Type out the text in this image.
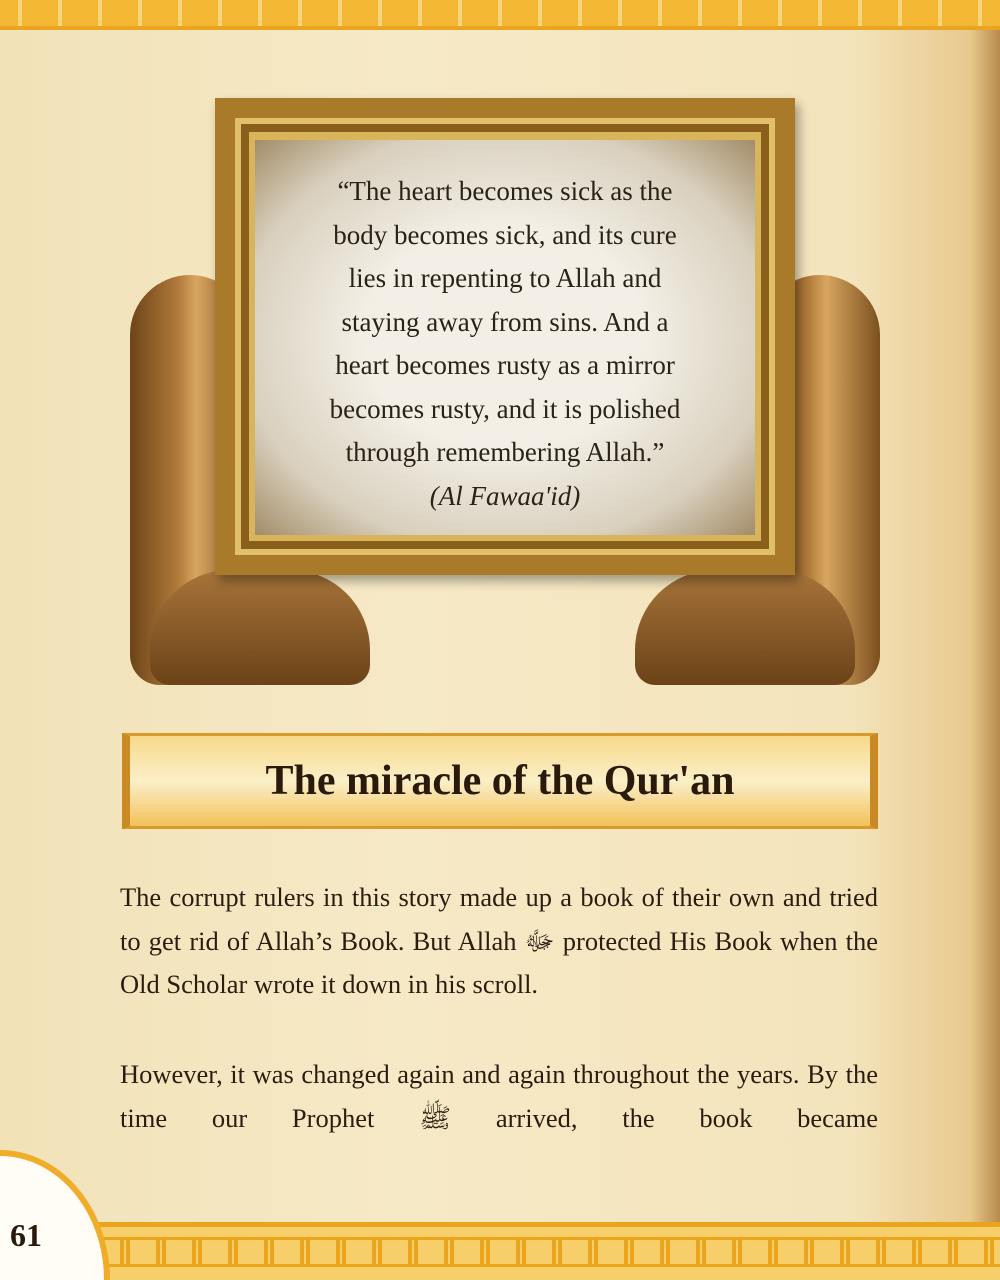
“The heart becomes sick as the
body becomes sick, and its cure
lies in repenting to Allah and
staying away from sins. And a
heart becomes rusty as a mirror
becomes rusty, and it is polished
through remembering Allah.”
(Al Fawaa'id)
The miracle of the Qur'an
The corrupt rulers in this story made up a book of their own and tried to get rid of Allah’s Book. But Allah ﷻ protected His Book when the Old Scholar wrote it down in his scroll.
However, it was changed again and again throughout the years. By the time our Prophet ﷺ arrived, the book became
61
